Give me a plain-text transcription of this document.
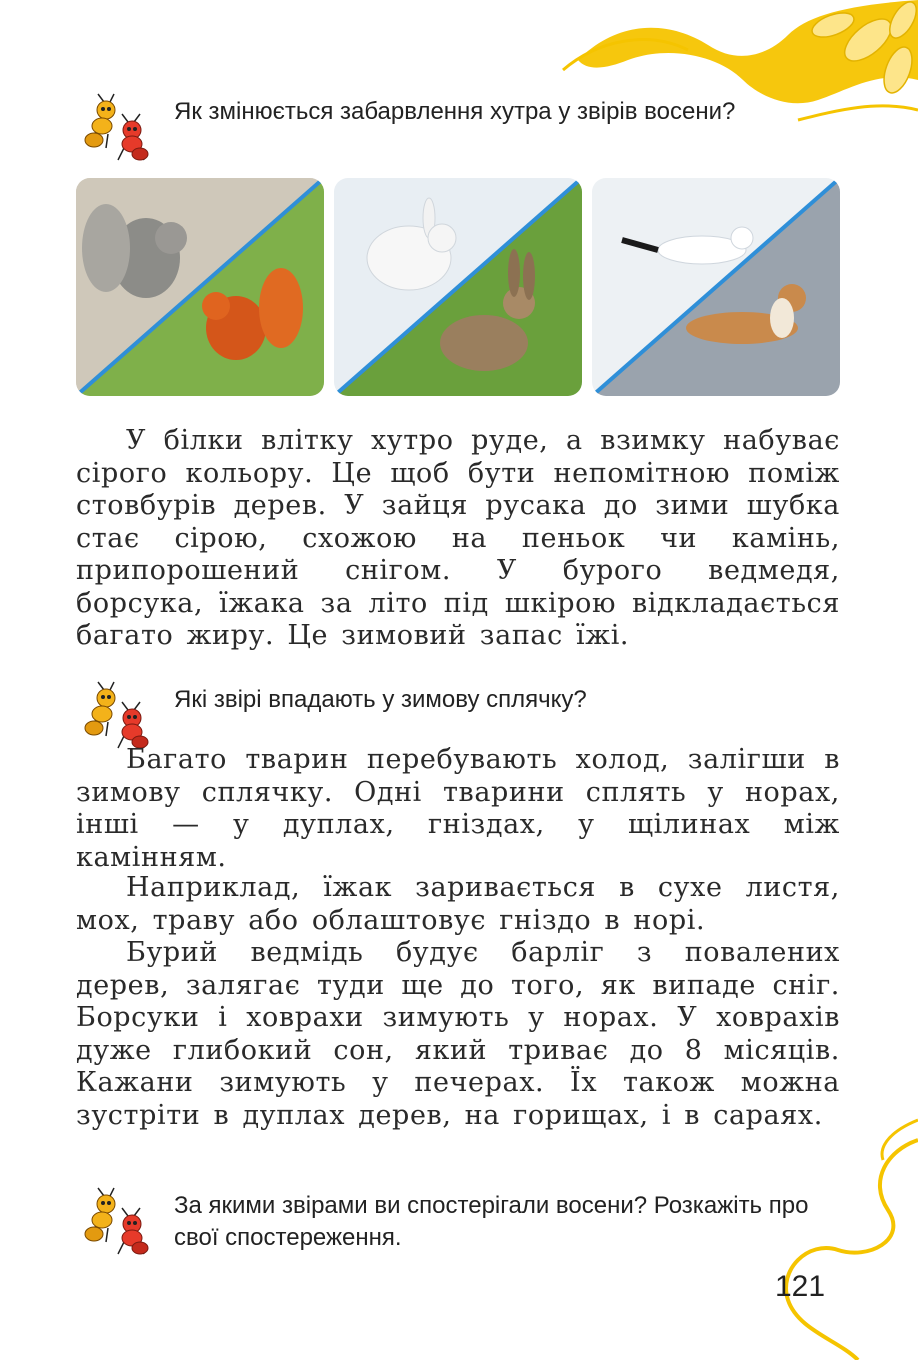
Як змінюється забарвлення хутра у звірів восени?

У білки влітку хутро руде, а взимку набуває сірого кольору. Це щоб бути непомітною поміж стовбурів дерев. У зайця русака до зими шубка стає сірою, схожою на пеньок чи камінь, припорошений снігом. У бурого ведмедя, борсука, їжака за літо під шкірою відкладається багато жиру. Це зимовий запас їжі.

Які звірі впадають у зимову сплячку?

Багато тварин перебувають холод, залігши в зимову сплячку. Одні тварини сплять у норах, інші — у дуплах, гніздах, у щілинах між камінням.

Наприклад, їжак заривається в сухе листя, мох, траву або облаштовує гніздо в норі.

Бурий ведмідь будує барліг з повалених дерев, залягає туди ще до того, як випаде сніг. Борсуки і ховрахи зимують у норах. У ховрахів дуже глибокий сон, який триває до 8 місяців. Кажани зимують у печерах. Їх також можна зустріти в дуплах дерев, на горищах, і в сараях.

За якими звірами ви спостерігали восени? Розкажіть про свої спостереження.
121
